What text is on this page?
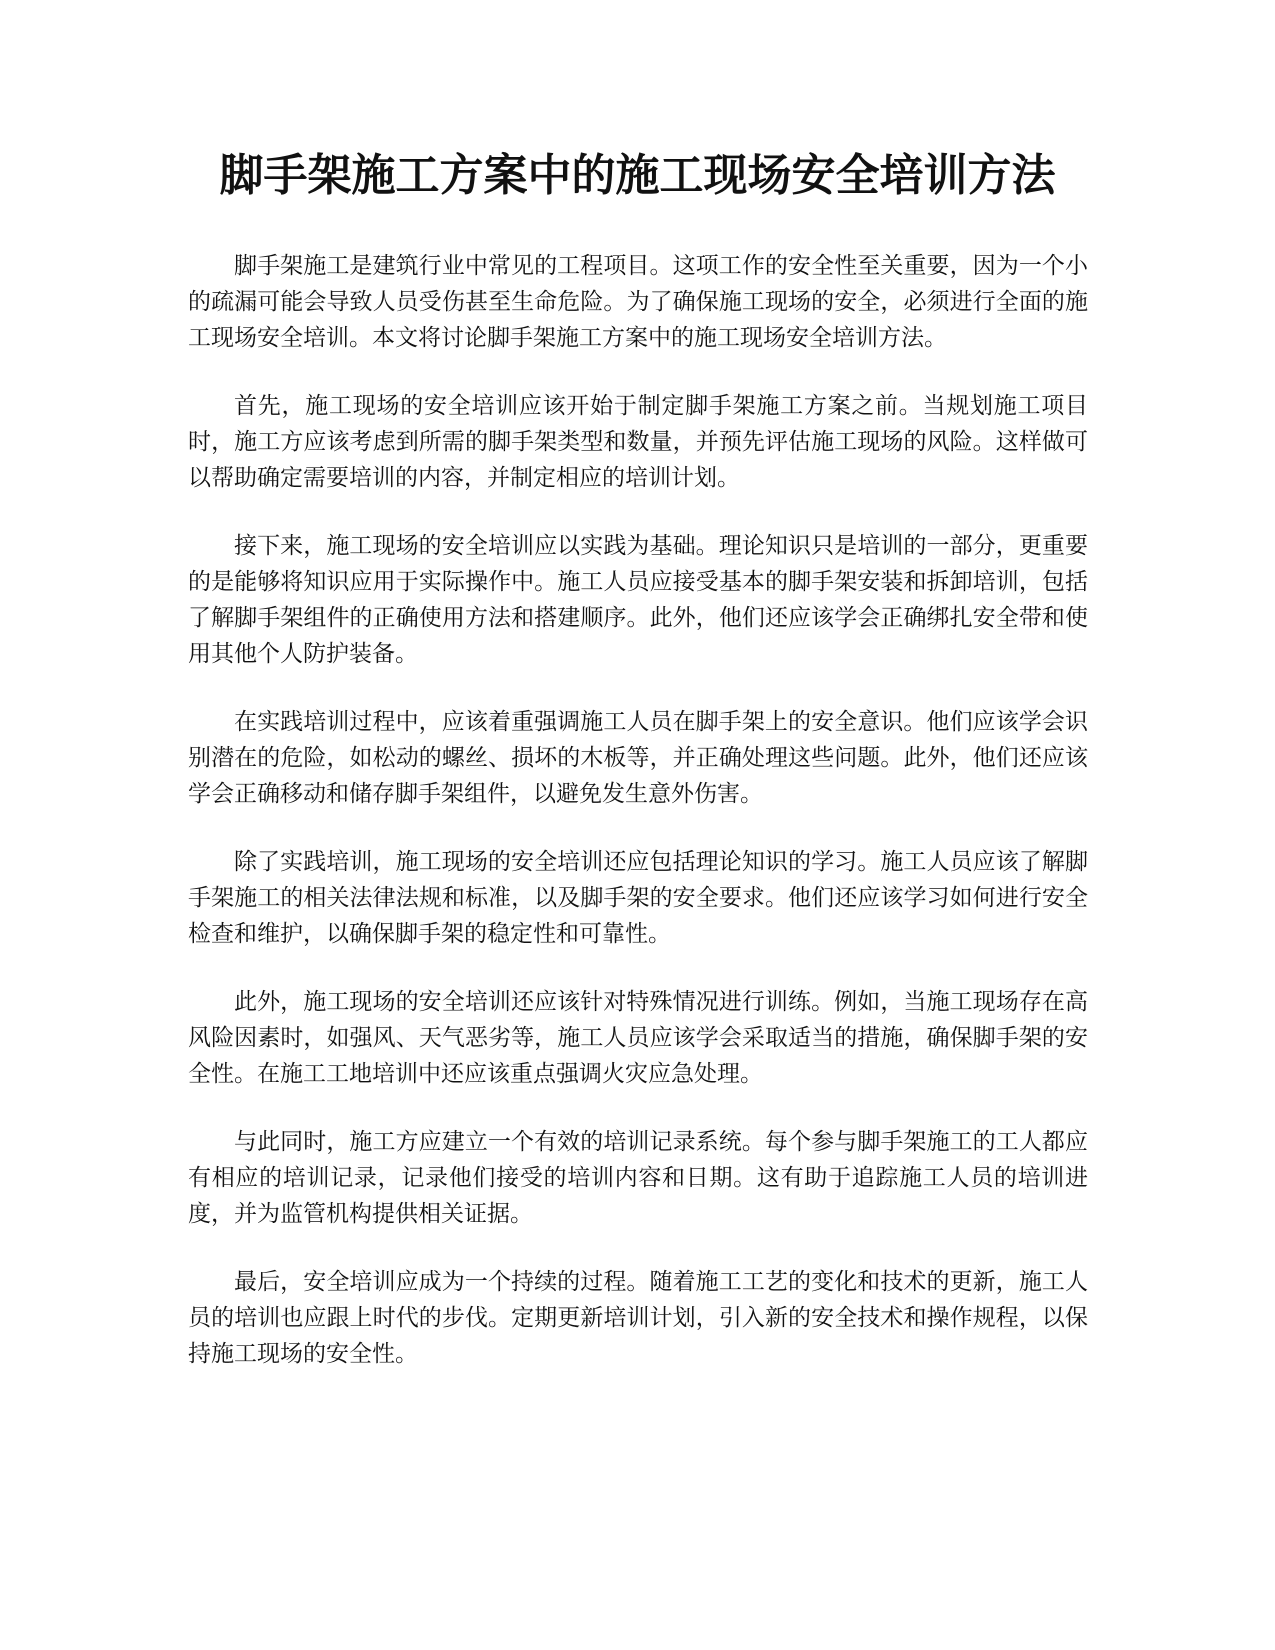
脚手架施工方案中的施工现场安全培训方法

脚手架施工是建筑行业中常见的工程项目。这项工作的安全性至关重要，因为一个小的疏漏可能会导致人员受伤甚至生命危险。为了确保施工现场的安全，必须进行全面的施工现场安全培训。本文将讨论脚手架施工方案中的施工现场安全培训方法。

首先，施工现场的安全培训应该开始于制定脚手架施工方案之前。当规划施工项目时，施工方应该考虑到所需的脚手架类型和数量，并预先评估施工现场的风险。这样做可以帮助确定需要培训的内容，并制定相应的培训计划。

接下来，施工现场的安全培训应以实践为基础。理论知识只是培训的一部分，更重要的是能够将知识应用于实际操作中。施工人员应接受基本的脚手架安装和拆卸培训，包括了解脚手架组件的正确使用方法和搭建顺序。此外，他们还应该学会正确绑扎安全带和使用其他个人防护装备。

在实践培训过程中，应该着重强调施工人员在脚手架上的安全意识。他们应该学会识别潜在的危险，如松动的螺丝、损坏的木板等，并正确处理这些问题。此外，他们还应该学会正确移动和储存脚手架组件，以避免发生意外伤害。

除了实践培训，施工现场的安全培训还应包括理论知识的学习。施工人员应该了解脚手架施工的相关法律法规和标准，以及脚手架的安全要求。他们还应该学习如何进行安全检查和维护，以确保脚手架的稳定性和可靠性。

此外，施工现场的安全培训还应该针对特殊情况进行训练。例如，当施工现场存在高风险因素时，如强风、天气恶劣等，施工人员应该学会采取适当的措施，确保脚手架的安全性。在施工工地培训中还应该重点强调火灾应急处理。

与此同时，施工方应建立一个有效的培训记录系统。每个参与脚手架施工的工人都应有相应的培训记录，记录他们接受的培训内容和日期。这有助于追踪施工人员的培训进度，并为监管机构提供相关证据。

最后，安全培训应成为一个持续的过程。随着施工工艺的变化和技术的更新，施工人员的培训也应跟上时代的步伐。定期更新培训计划，引入新的安全技术和操作规程，以保持施工现场的安全性。
